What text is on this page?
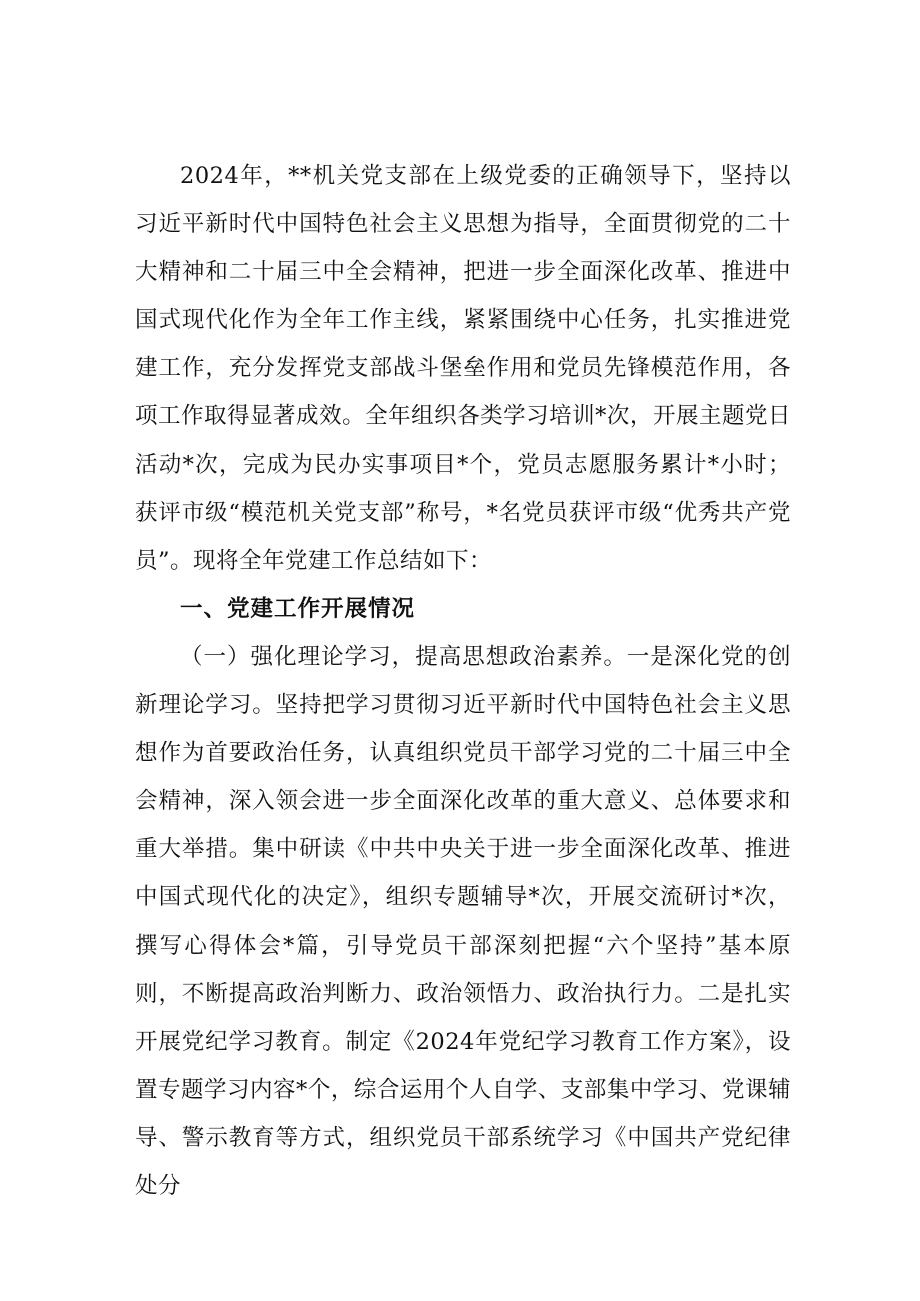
2024年，**机关党支部在上级党委的正确领导下，坚持以习近平新时代中国特色社会主义思想为指导，全面贯彻党的二十大精神和二十届三中全会精神，把进一步全面深化改革、推进中国式现代化作为全年工作主线，紧紧围绕中心任务，扎实推进党建工作，充分发挥党支部战斗堡垒作用和党员先锋模范作用，各项工作取得显著成效。全年组织各类学习培训*次，开展主题党日活动*次，完成为民办实事项目*个，党员志愿服务累计*小时；获评市级“模范机关党支部”称号，*名党员获评市级“优秀共产党员”。现将全年党建工作总结如下：

一、党建工作开展情况

（一）强化理论学习，提高思想政治素养。一是深化党的创新理论学习。坚持把学习贯彻习近平新时代中国特色社会主义思想作为首要政治任务，认真组织党员干部学习党的二十届三中全会精神，深入领会进一步全面深化改革的重大意义、总体要求和重大举措。集中研读《中共中央关于进一步全面深化改革、推进中国式现代化的决定》，组织专题辅导*次，开展交流研讨*次，撰写心得体会*篇，引导党员干部深刻把握“六个坚持”基本原则，不断提高政治判断力、政治领悟力、政治执行力。二是扎实开展党纪学习教育。制定《2024年党纪学习教育工作方案》，设置专题学习内容*个，综合运用个人自学、支部集中学习、党课辅导、警示教育等方式，组织党员干部系统学习《中国共产党纪律处分
